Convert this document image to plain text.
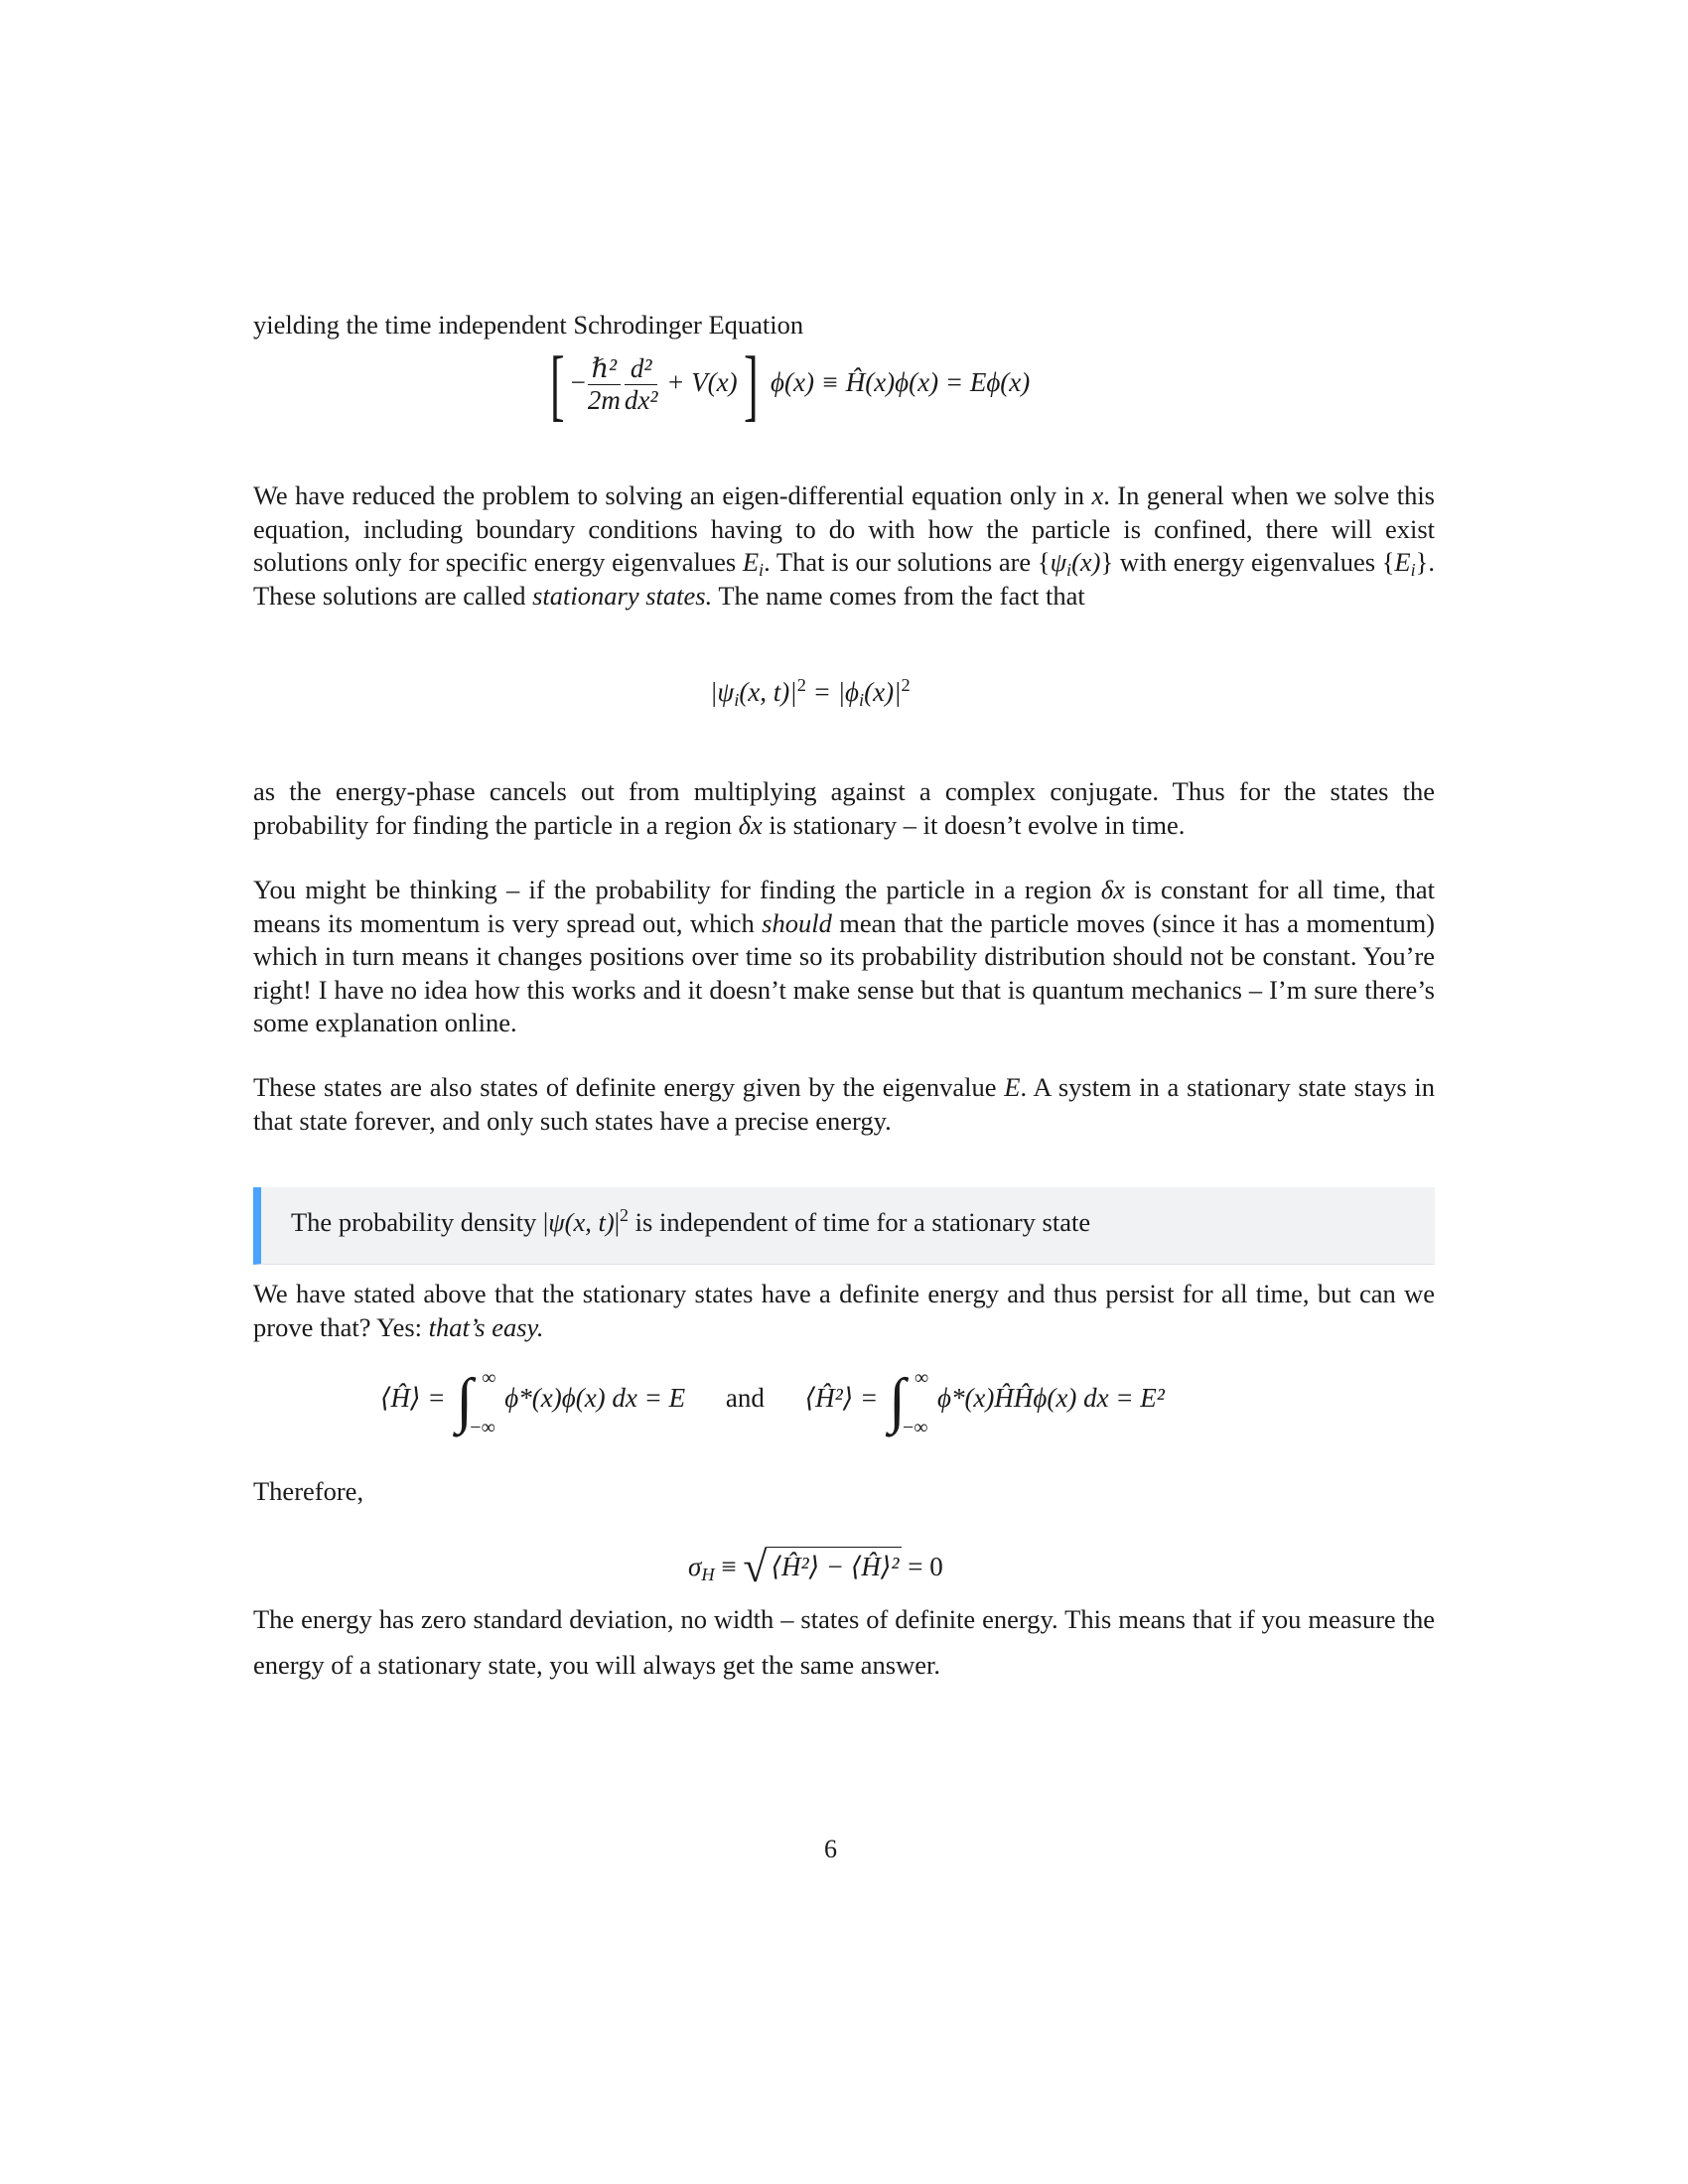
yielding the time independent Schrodinger Equation

[ − $\frac{\text{ℏ²}}{2m} \frac{\text{d²}}{\text{dx²}} + V(x)$] ϕ(x) ≡ Ĥ(x)ϕ(x) = Eϕ(x)

We have reduced the problem to solving an eigen-differential equation only in x. In general when we solve this equation, including boundary conditions having to do with how the particle is confined, there will exist solutions only for specific energy eigenvalues $E_i$. That is our solutions are $\{\psi_i(x)\}$ with energy eigenvalues $\{E_i\}$. These solutions are called stationary states. The name comes from the fact that

$|\psi_i(x$, $t)|^2 = |\phi_i(x)|^2$

as the energy-phase cancels out from multiplying against a complex conjugate. Thus for the states the probability for finding the particle in a region δx is stationary – it doesn’t evolve in time.

You might be thinking – if the probability for finding the particle in a region δx is constant for all time, that means its momentum is very spread out, which should mean that the particle moves (since it has a momentum) which in turn means it changes positions over time so its probability distribution should not be constant. You’re right! I have no idea how this works and it doesn’t make sense but that is quantum mechanics – I’m sure there’s some explanation online.

These states are also states of definite energy given by the eigenvalue E. A system in a stationary state stays in that state forever, and only such states have a precise energy.

The probability density |ψ(x, $t)|^2$ is independent of time for a stationary state

We have stated above that the stationary states have a definite energy and thus persist for all time, but can we prove that? Yes: that’s easy.

⟨Ĥ⟩ = ∫ ∞
−∞
ϕ*(x)ϕ(x) dx = E and ⟨Ĥ²⟩ = ∫ ∞
−∞
ϕ*(x)ĤĤϕ(x) dx = E²

Therefore,

$\sigma_H$ ≡ √ ⟨Ĥ²⟩ − ⟨Ĥ⟩² = 0

The energy has zero standard deviation, no width – states of definite energy. This means that if you measure the energy of a stationary state, you will always get the same answer.

6
